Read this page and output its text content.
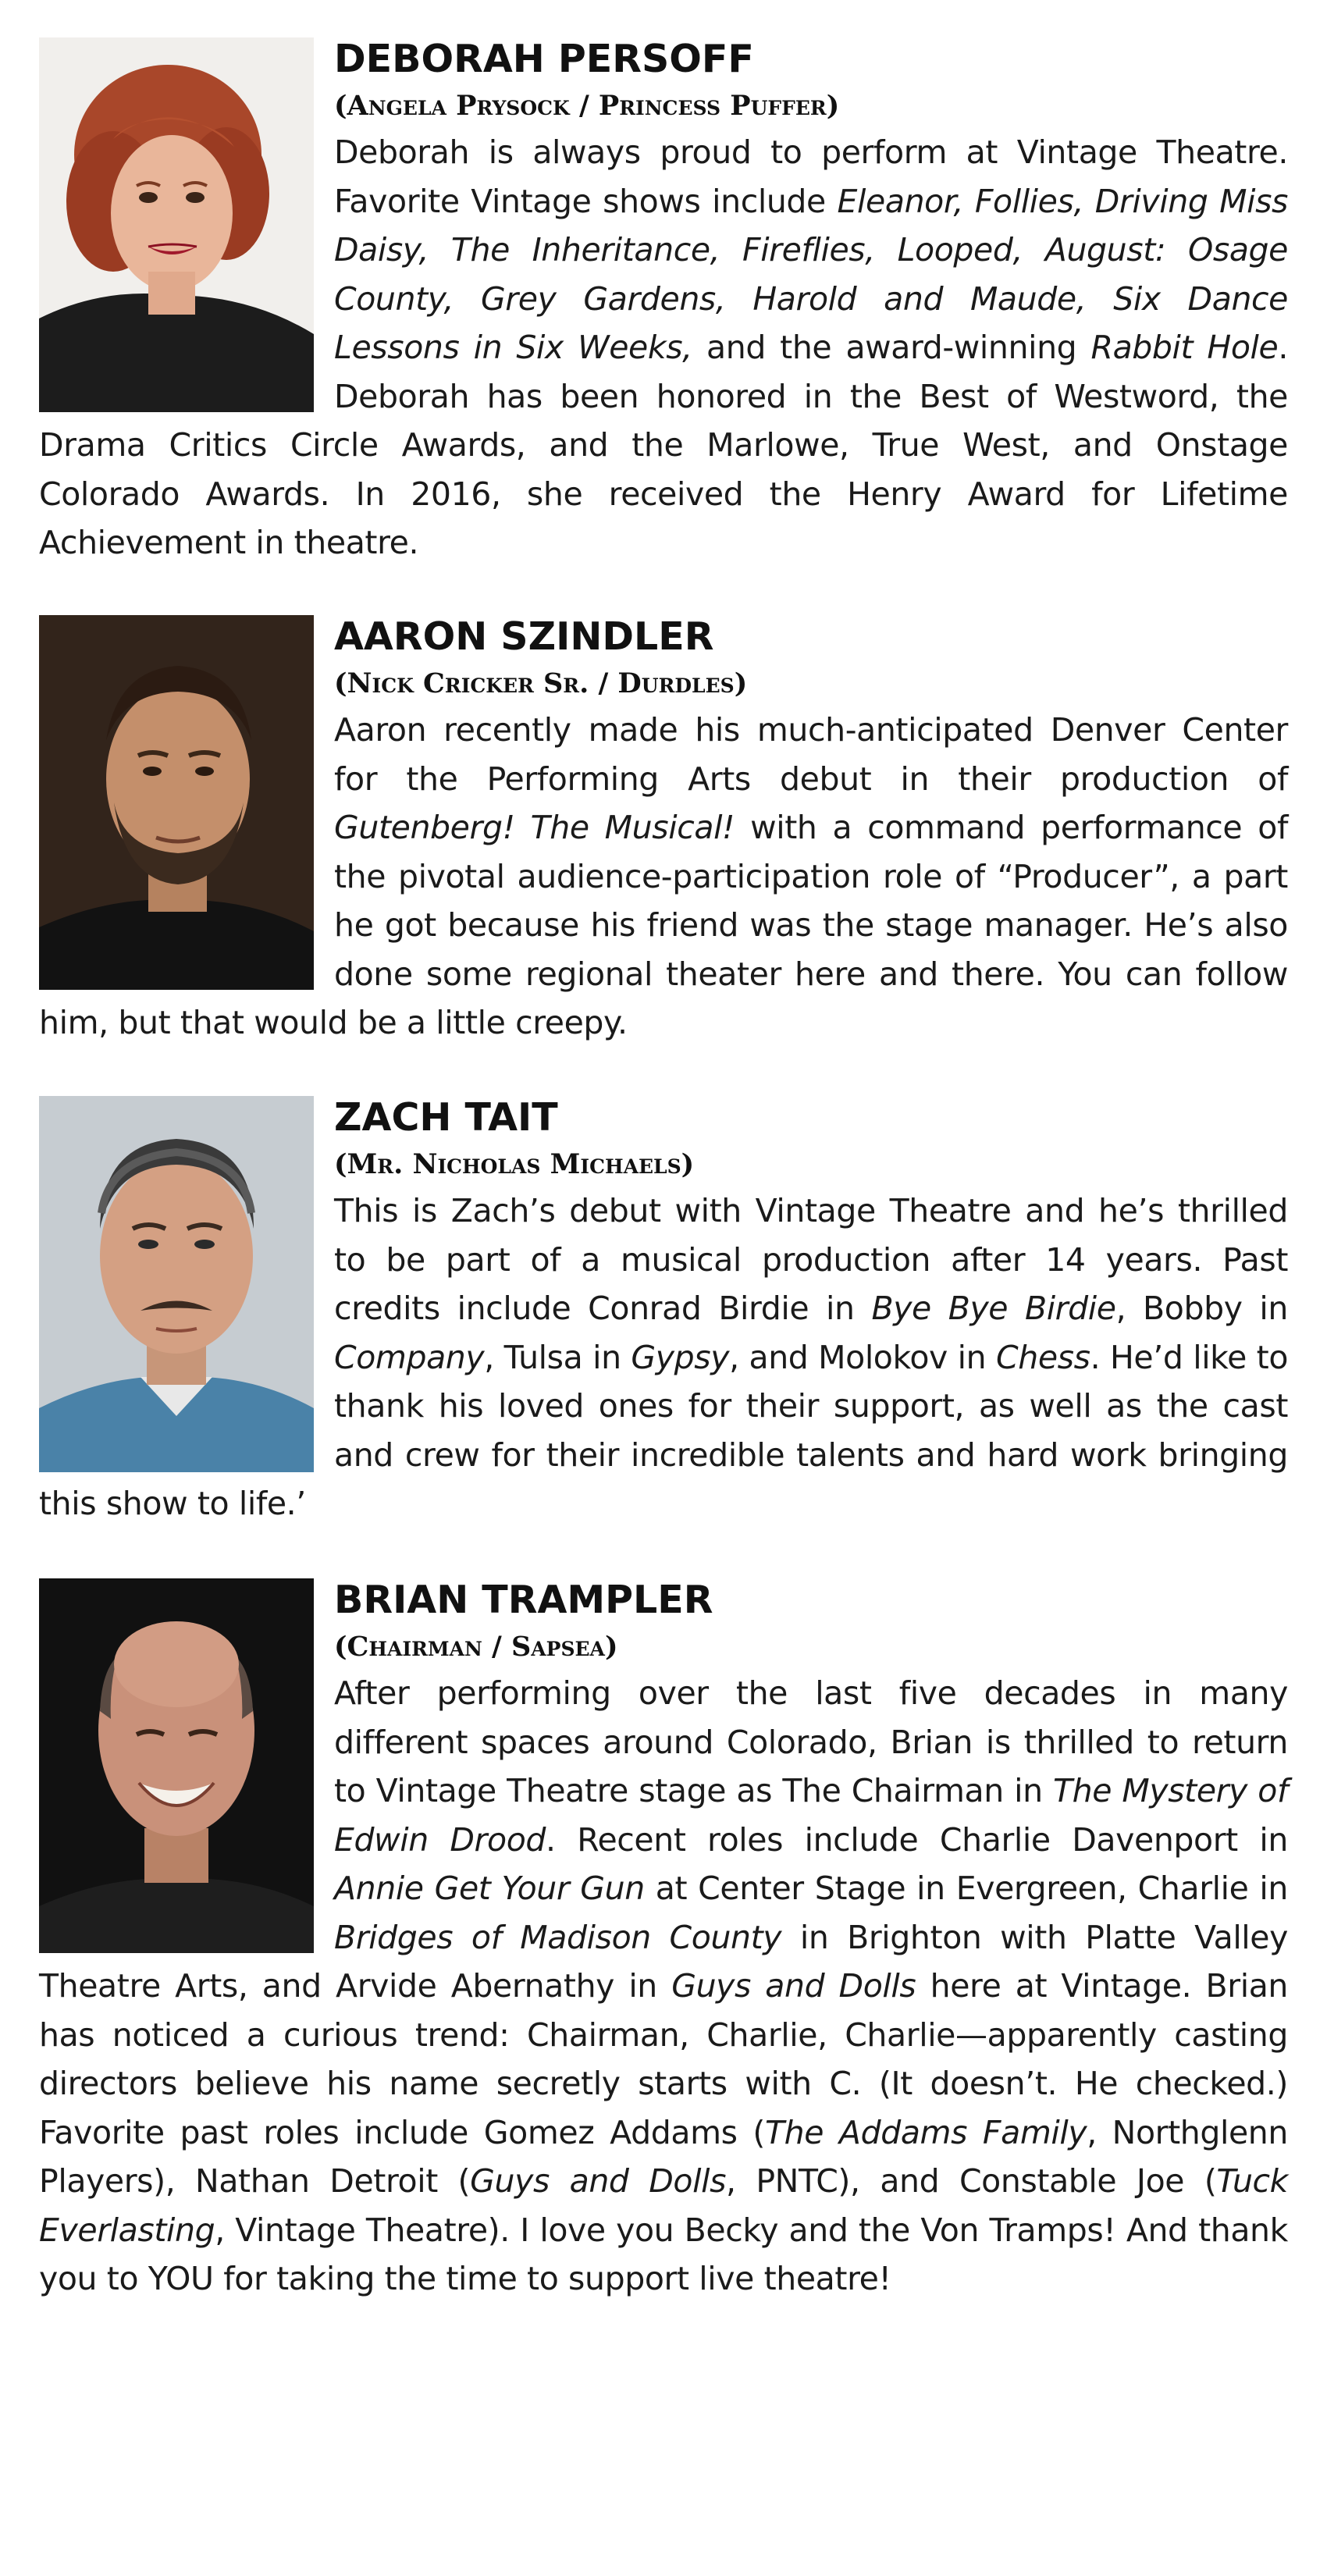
DEBORAH PERSOFF

(Angela Prysock / Princess Puffer)

Deborah is always proud to perform at Vintage Theatre. Favorite Vintage shows include Eleanor, Follies, Driving Miss Daisy, The Inheritance, Fireflies, Looped, August: Osage County, Grey Gardens, Harold and Maude, Six Dance Lessons in Six Weeks, and the award-winning Rabbit Hole. Deborah has been honored in the Best of Westword, the Drama Critics Circle Awards, and the Marlowe, True West, and Onstage Colorado Awards. In 2016, she received the Henry Award for Lifetime Achievement in theatre.

AARON SZINDLER

(Nick Cricker Sr. / Durdles)

Aaron recently made his much-anticipated Denver Center for the Performing Arts debut in their production of Gutenberg! The Musical! with a command performance of the pivotal audience-participation role of “Producer”, a part he got because his friend was the stage manager. He’s also done some regional theater here and there. You can follow him, but that would be a little creepy.

ZACH TAIT

(Mr. Nicholas Michaels)

This is Zach’s debut with Vintage Theatre and he’s thrilled to be part of a musical production after 14 years. Past credits include Conrad Birdie in Bye Bye Birdie, Bobby in Company, Tulsa in Gypsy, and Molokov in Chess. He’d like to thank his loved ones for their support, as well as the cast and crew for their incredible talents and hard work bringing this show to life.’

BRIAN TRAMPLER

(Chairman / Sapsea)

After performing over the last five decades in many different spaces around Colorado, Brian is thrilled to return to Vintage Theatre stage as The Chairman in The Mystery of Edwin Drood. Recent roles include Charlie Davenport in Annie Get Your Gun at Center Stage in Evergreen, Charlie in Bridges of Madison County in Brighton with Platte Valley Theatre Arts, and Arvide Abernathy in Guys and Dolls here at Vintage. Brian has noticed a curious trend: Chairman, Charlie, Charlie—apparently casting directors believe his name secretly starts with C. (It doesn’t. He checked.) Favorite past roles include Gomez Addams (The Addams Family, Northglenn Players), Nathan Detroit (Guys and Dolls, PNTC), and Constable Joe (Tuck Everlasting, Vintage Theatre). I love you Becky and the Von Tramps! And thank you to YOU for taking the time to support live theatre!
